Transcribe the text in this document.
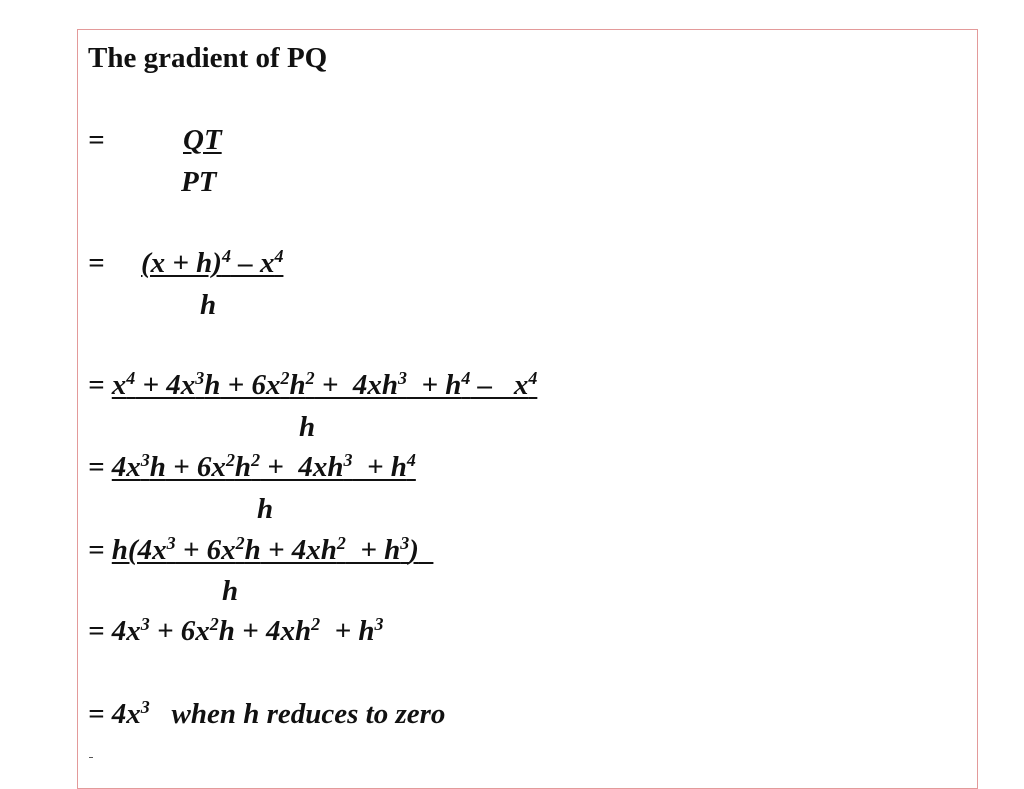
The gradient of PQ
=	QT
PT
= $(x + h)^4 - x^4$
h
= $x^4 + 4x^3h + 6x^2h^2 + 4xh^3 + h^4 - x^4$
h
= $4x^3h + 6x^2h^2 + 4xh^3 + h^4$
h
= $h(4x^3 + 6x^2h + 4xh^2 + h^3)$
h
= $4x^3 + 6x^2h + 4xh^2 + h^3$
= $4x^3$   when h reduces to zero
